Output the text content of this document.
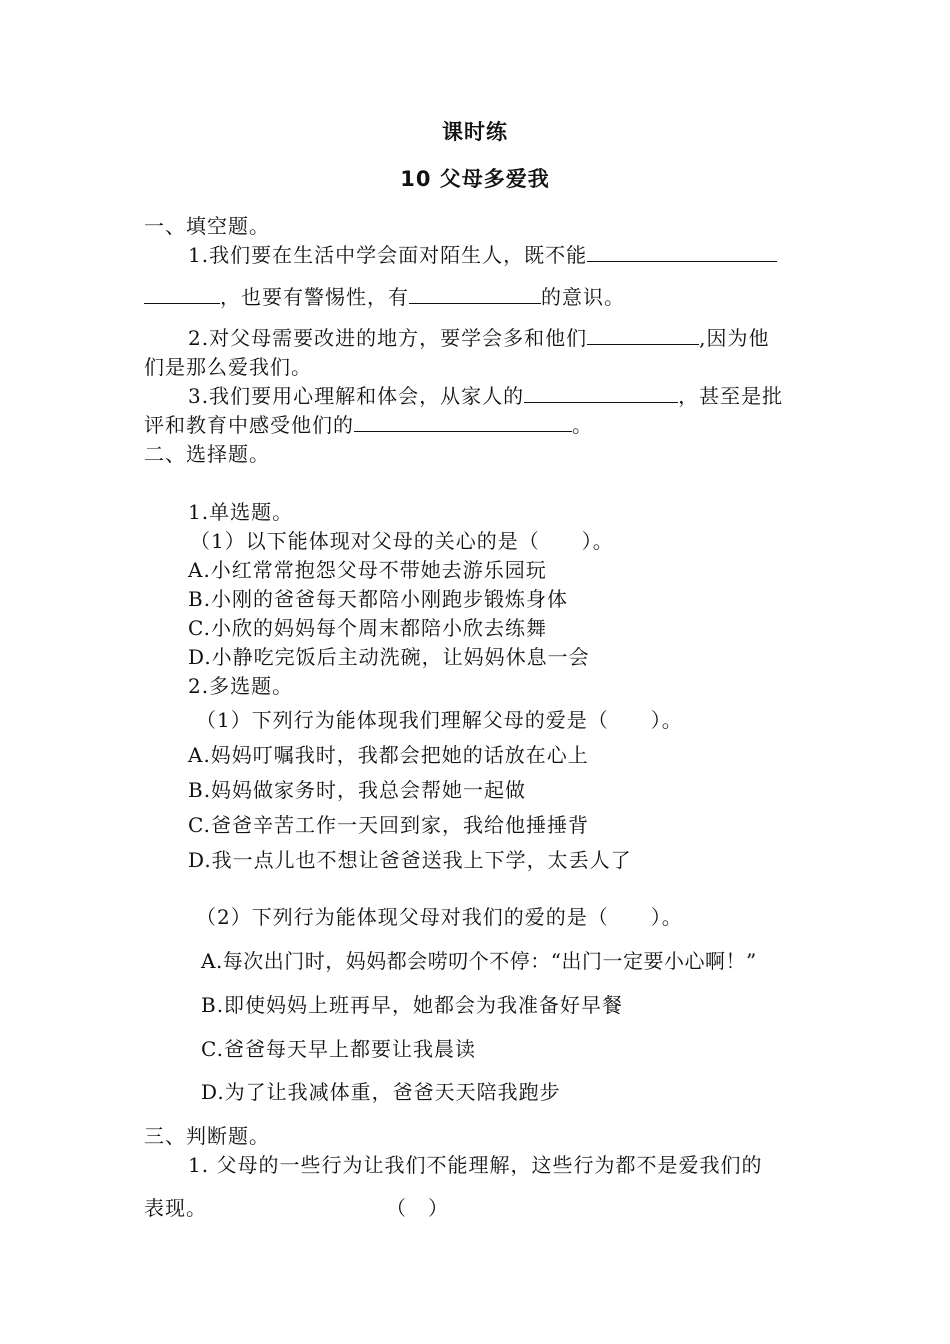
课时练
10 父母多爱我
一、填空题。
1.我们要在生活中学会面对陌生人，既不能
，也要有警惕性，有	的意识。
2.对父母需要改进的地方，要学会多和他们	,因为他
们是那么爱我们。
3.我们要用心理解和体会，从家人的	，甚至是批
评和教育中感受他们的	。
二、选择题。
1.单选题。
（1）以下能体现对父母的关心的是（　　）。
A.小红常常抱怨父母不带她去游乐园玩
B.小刚的爸爸每天都陪小刚跑步锻炼身体
C.小欣的妈妈每个周末都陪小欣去练舞
D.小静吃完饭后主动洗碗，让妈妈休息一会
2.多选题。
（1）下列行为能体现我们理解父母的爱是（　　）。
A.妈妈叮嘱我时，我都会把她的话放在心上
B.妈妈做家务时，我总会帮她一起做
C.爸爸辛苦工作一天回到家，我给他捶捶背
D.我一点儿也不想让爸爸送我上下学，太丢人了
（2）下列行为能体现父母对我们的爱的是（　　）。
A.每次出门时，妈妈都会唠叨个不停：“出门一定要小心啊！”
B.即使妈妈上班再早，她都会为我准备好早餐
C.爸爸每天早上都要让我晨读
D.为了让我减体重，爸爸天天陪我跑步
三、判断题。
1. 父母的一些行为让我们不能理解，这些行为都不是爱我们的
表现。	（　）
